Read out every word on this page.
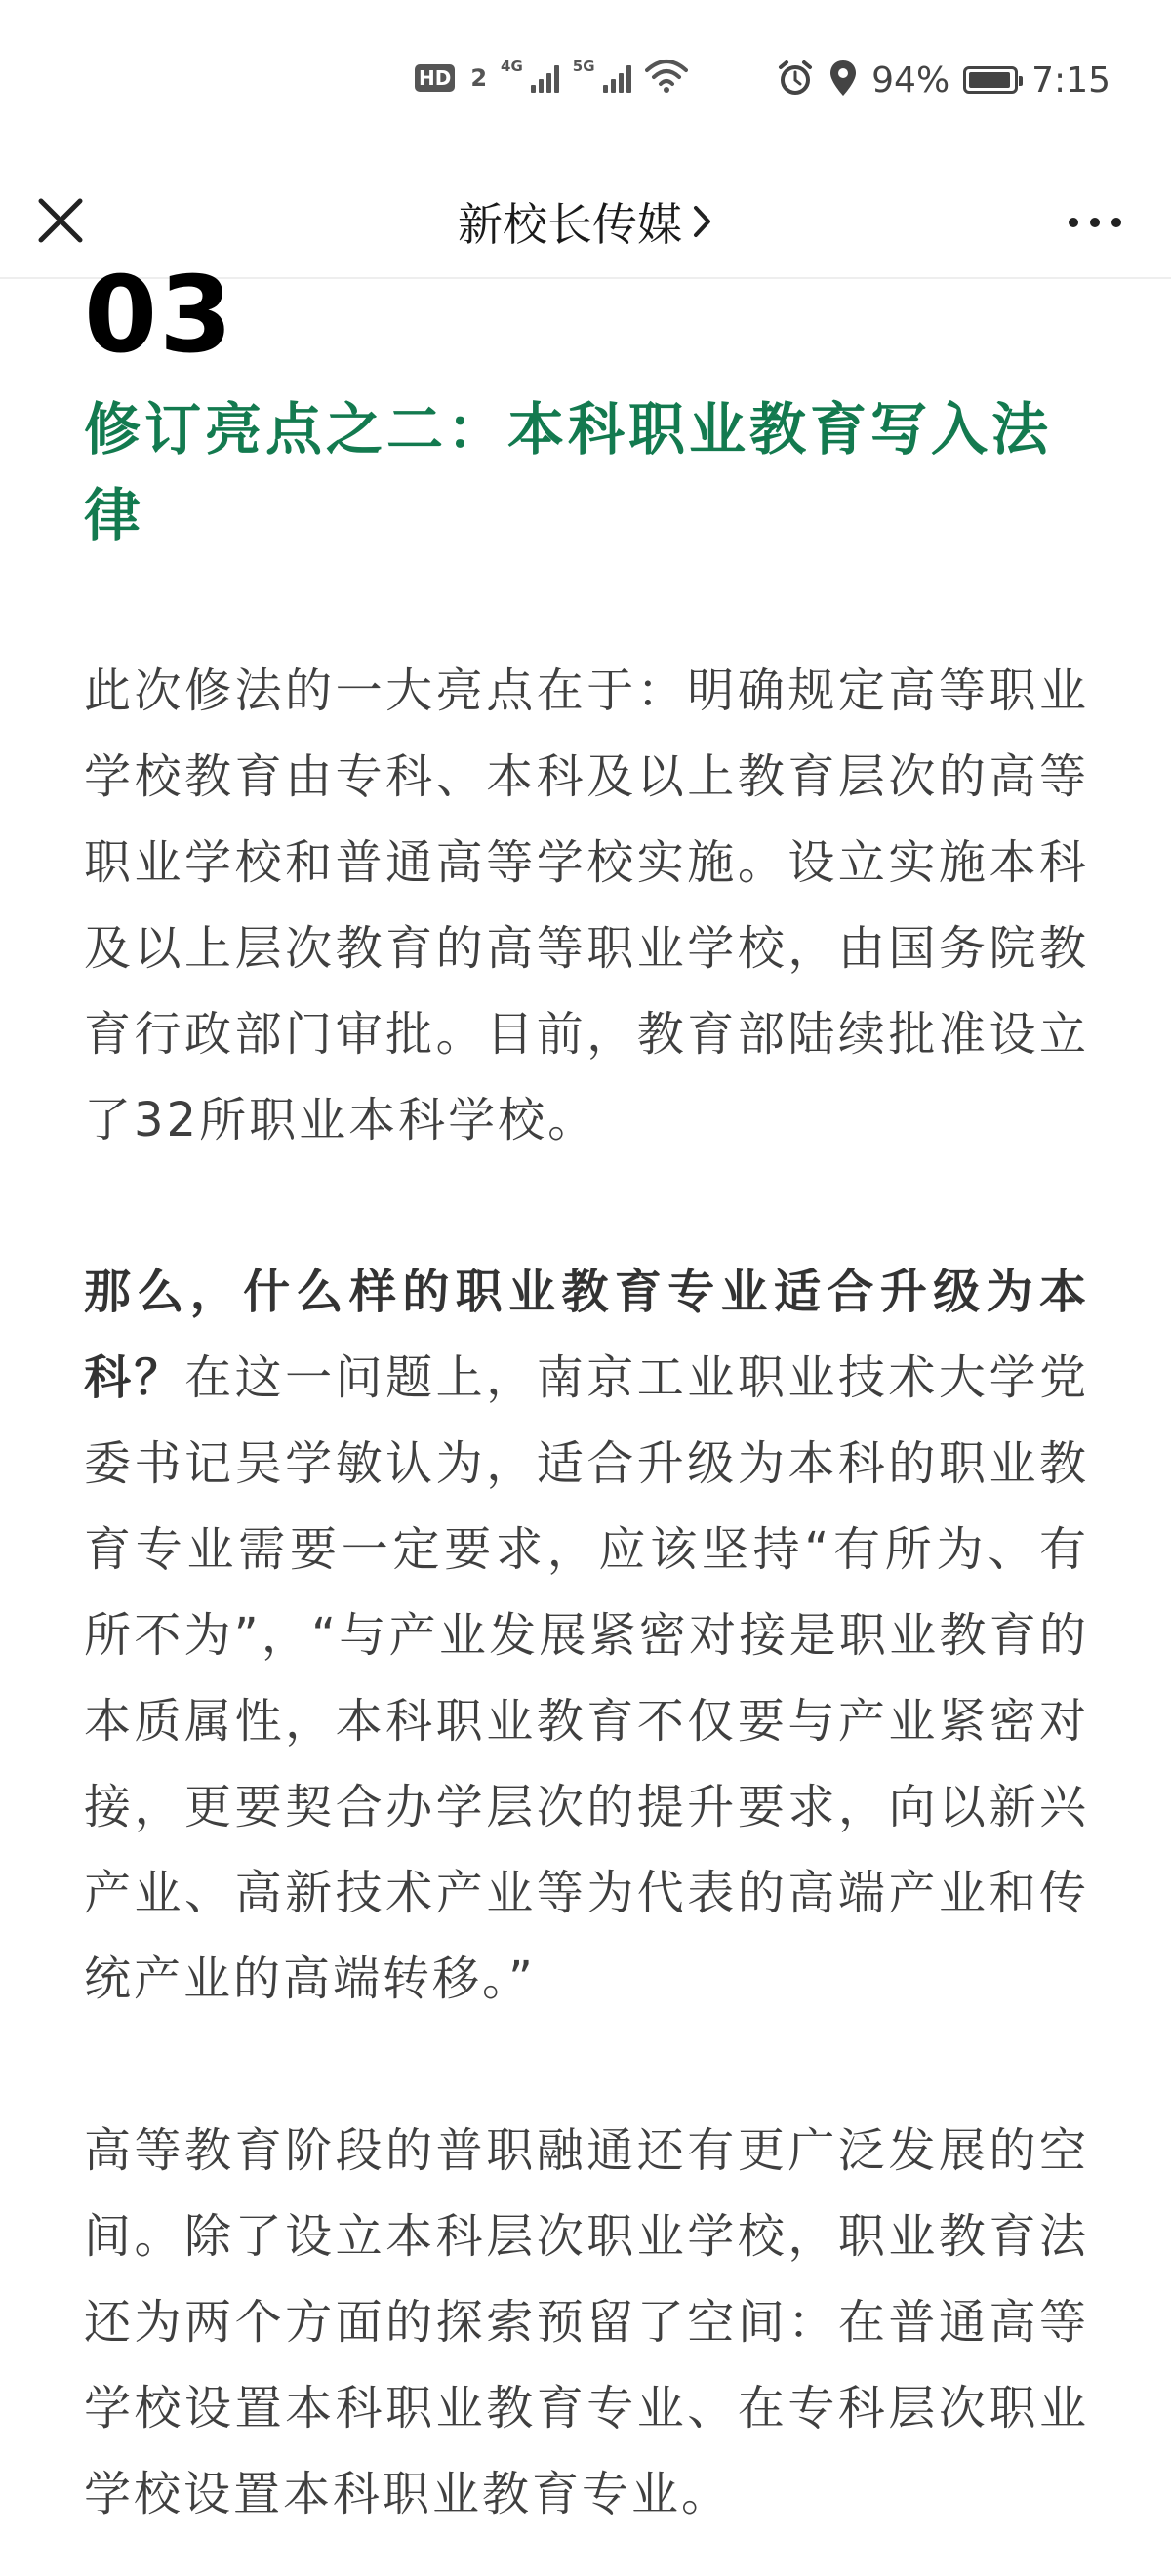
HD 2 4G	5G	94% 7:15
新校长传媒
03
修订亮点之二：本科职业教育写入法律

此次修法的一大亮点在于：明确规定高等职业学校教育由专科、本科及以上教育层次的高等职业学校和普通高等学校实施。设立实施本科及以上层次教育的高等职业学校，由国务院教育行政部门审批。目前，教育部陆续批准设立了32所职业本科学校。

那么，什么样的职业教育专业适合升级为本科？在这一问题上，南京工业职业技术大学党委书记吴学敏认为，适合升级为本科的职业教育专业需要一定要求，应该坚持“有所为、有所不为”，“与产业发展紧密对接是职业教育的本质属性，本科职业教育不仅要与产业紧密对接，更要契合办学层次的提升要求，向以新兴产业、高新技术产业等为代表的高端产业和传统产业的高端转移。”

高等教育阶段的普职融通还有更广泛发展的空间。除了设立本科层次职业学校，职业教育法还为两个方面的探索预留了空间：在普通高等学校设置本科职业教育专业、在专科层次职业学校设置本科职业教育专业。
